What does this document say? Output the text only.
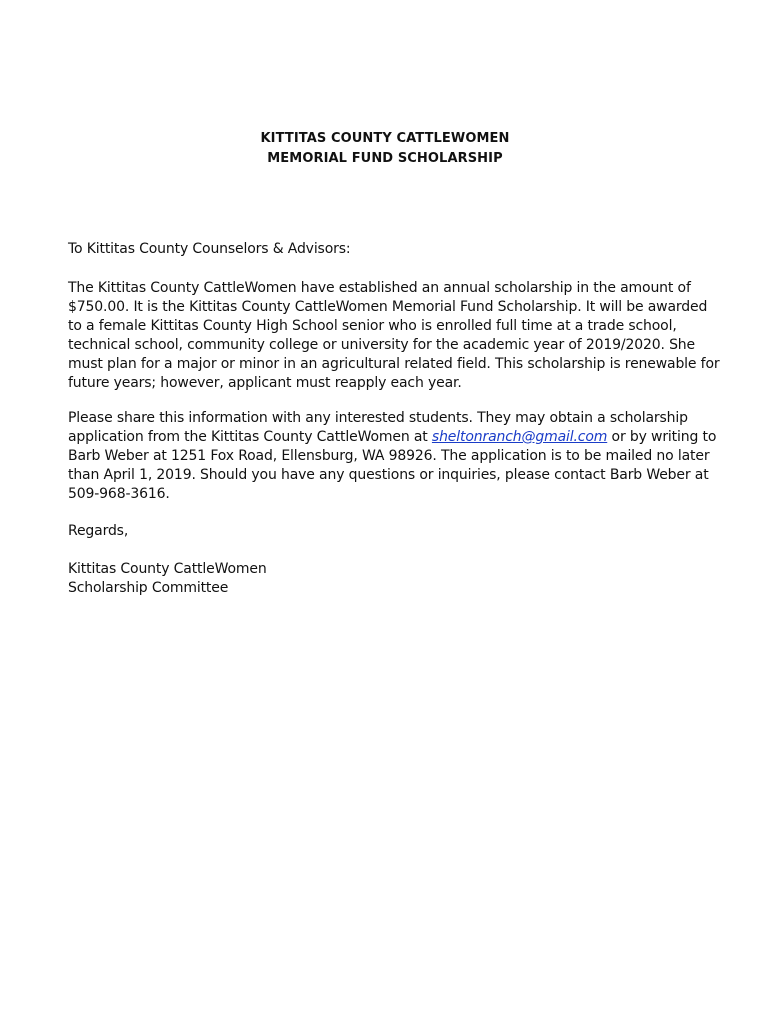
KITTITAS COUNTY CATTLEWOMEN

MEMORIAL FUND SCHOLARSHIP

To Kittitas County Counselors & Advisors:

The Kittitas County CattleWomen have established an annual scholarship in the amount of

$750.00. It is the Kittitas County CattleWomen Memorial Fund Scholarship. It will be awarded

to a female Kittitas County High School senior who is enrolled full time at a trade school,

technical school, community college or university for the academic year of 2019/2020. She

must plan for a major or minor in an agricultural related field. This scholarship is renewable for

future years; however, applicant must reapply each year.

Please share this information with any interested students. They may obtain a scholarship

application from the Kittitas County CattleWomen at sheltonranch@gmail.com or by writing to

Barb Weber at 1251 Fox Road, Ellensburg, WA 98926. The application is to be mailed no later

than April 1, 2019. Should you have any questions or inquiries, please contact Barb Weber at

509-968-3616.

Regards,

Kittitas County CattleWomen

Scholarship Committee
